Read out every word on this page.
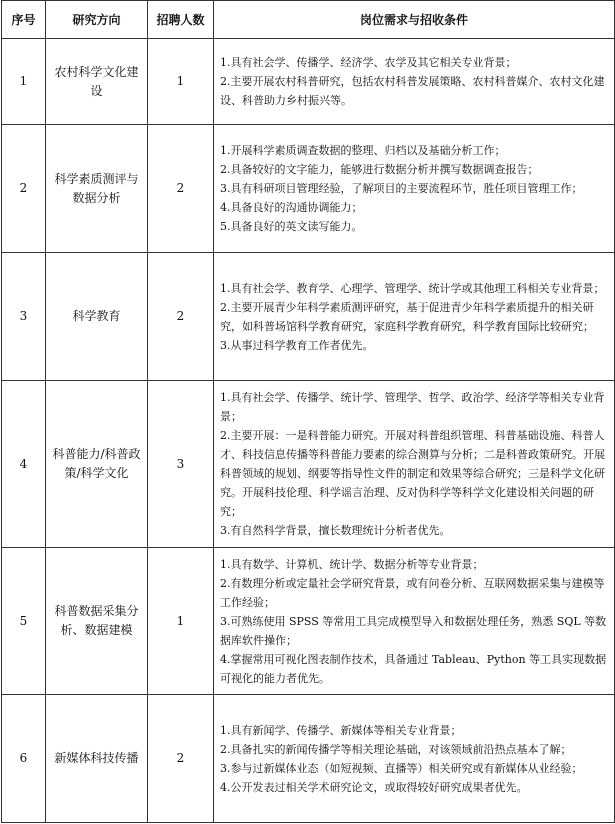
序号	研究方向	招聘人数	岗位需求与招收条件
1	农村科学文化建设	1	1.具有社会学、传播学、经济学、农学及其它相关专业背景；
2.主要开展农村科普研究，包括农村科普发展策略、农村科普媒介、农村文化建设、科普助力乡村振兴等。

2	科学素质测评与数据分析	2	1.开展科学素质调查数据的整理、归档以及基础分析工作；
2.具备较好的文字能力，能够进行数据分析并撰写数据调查报告；
3.具有科研项目管理经验，了解项目的主要流程环节，胜任项目管理工作；
4.具备良好的沟通协调能力；
5.具备良好的英文读写能力。

3	科学教育	2	1.具有社会学、教育学、心理学、管理学、统计学或其他理工科相关专业背景；
2.主要开展青少年科学素质测评研究，基于促进青少年科学素质提升的相关研究，如科普场馆科学教育研究，家庭科学教育研究，科学教育国际比较研究；
3.从事过科学教育工作者优先。

4	科普能力/科普政策/科学文化	3	1.具有社会学、传播学、统计学、管理学、哲学、政治学、经济学等相关专业背景；
2.主要开展：一是科普能力研究。开展对科普组织管理、科普基础设施、科普人才、科技信息传播等科普能力要素的综合测算与分析；二是科普政策研究。开展科普领域的规划、纲要等指导性文件的制定和效果等综合研究；三是科学文化研究。开展科技伦理、科学谣言治理、反对伪科学等科学文化建设相关问题的研究；
3.有自然科学背景，擅长数理统计分析者优先。

5	科普数据采集分析、数据建模	1	1.具有数学、计算机、统计学、数据分析等专业背景；
2.有数理分析或定量社会学研究背景，或有问卷分析、互联网数据采集与建模等工作经验；
3.可熟练使用 SPSS 等常用工具完成模型导入和数据处理任务，熟悉 SQL 等数据库软件操作；
4.掌握常用可视化图表制作技术，具备通过 Tableau、Python 等工具实现数据可视化的能力者优先。

6	新媒体科技传播	2	1.具有新闻学、传播学、新媒体等相关专业背景；
2.具备扎实的新闻传播学等相关理论基础，对该领域前沿热点基本了解；
3.参与过新媒体业态（如短视频、直播等）相关研究或有新媒体从业经验；
4.公开发表过相关学术研究论文，或取得较好研究成果者优先。
